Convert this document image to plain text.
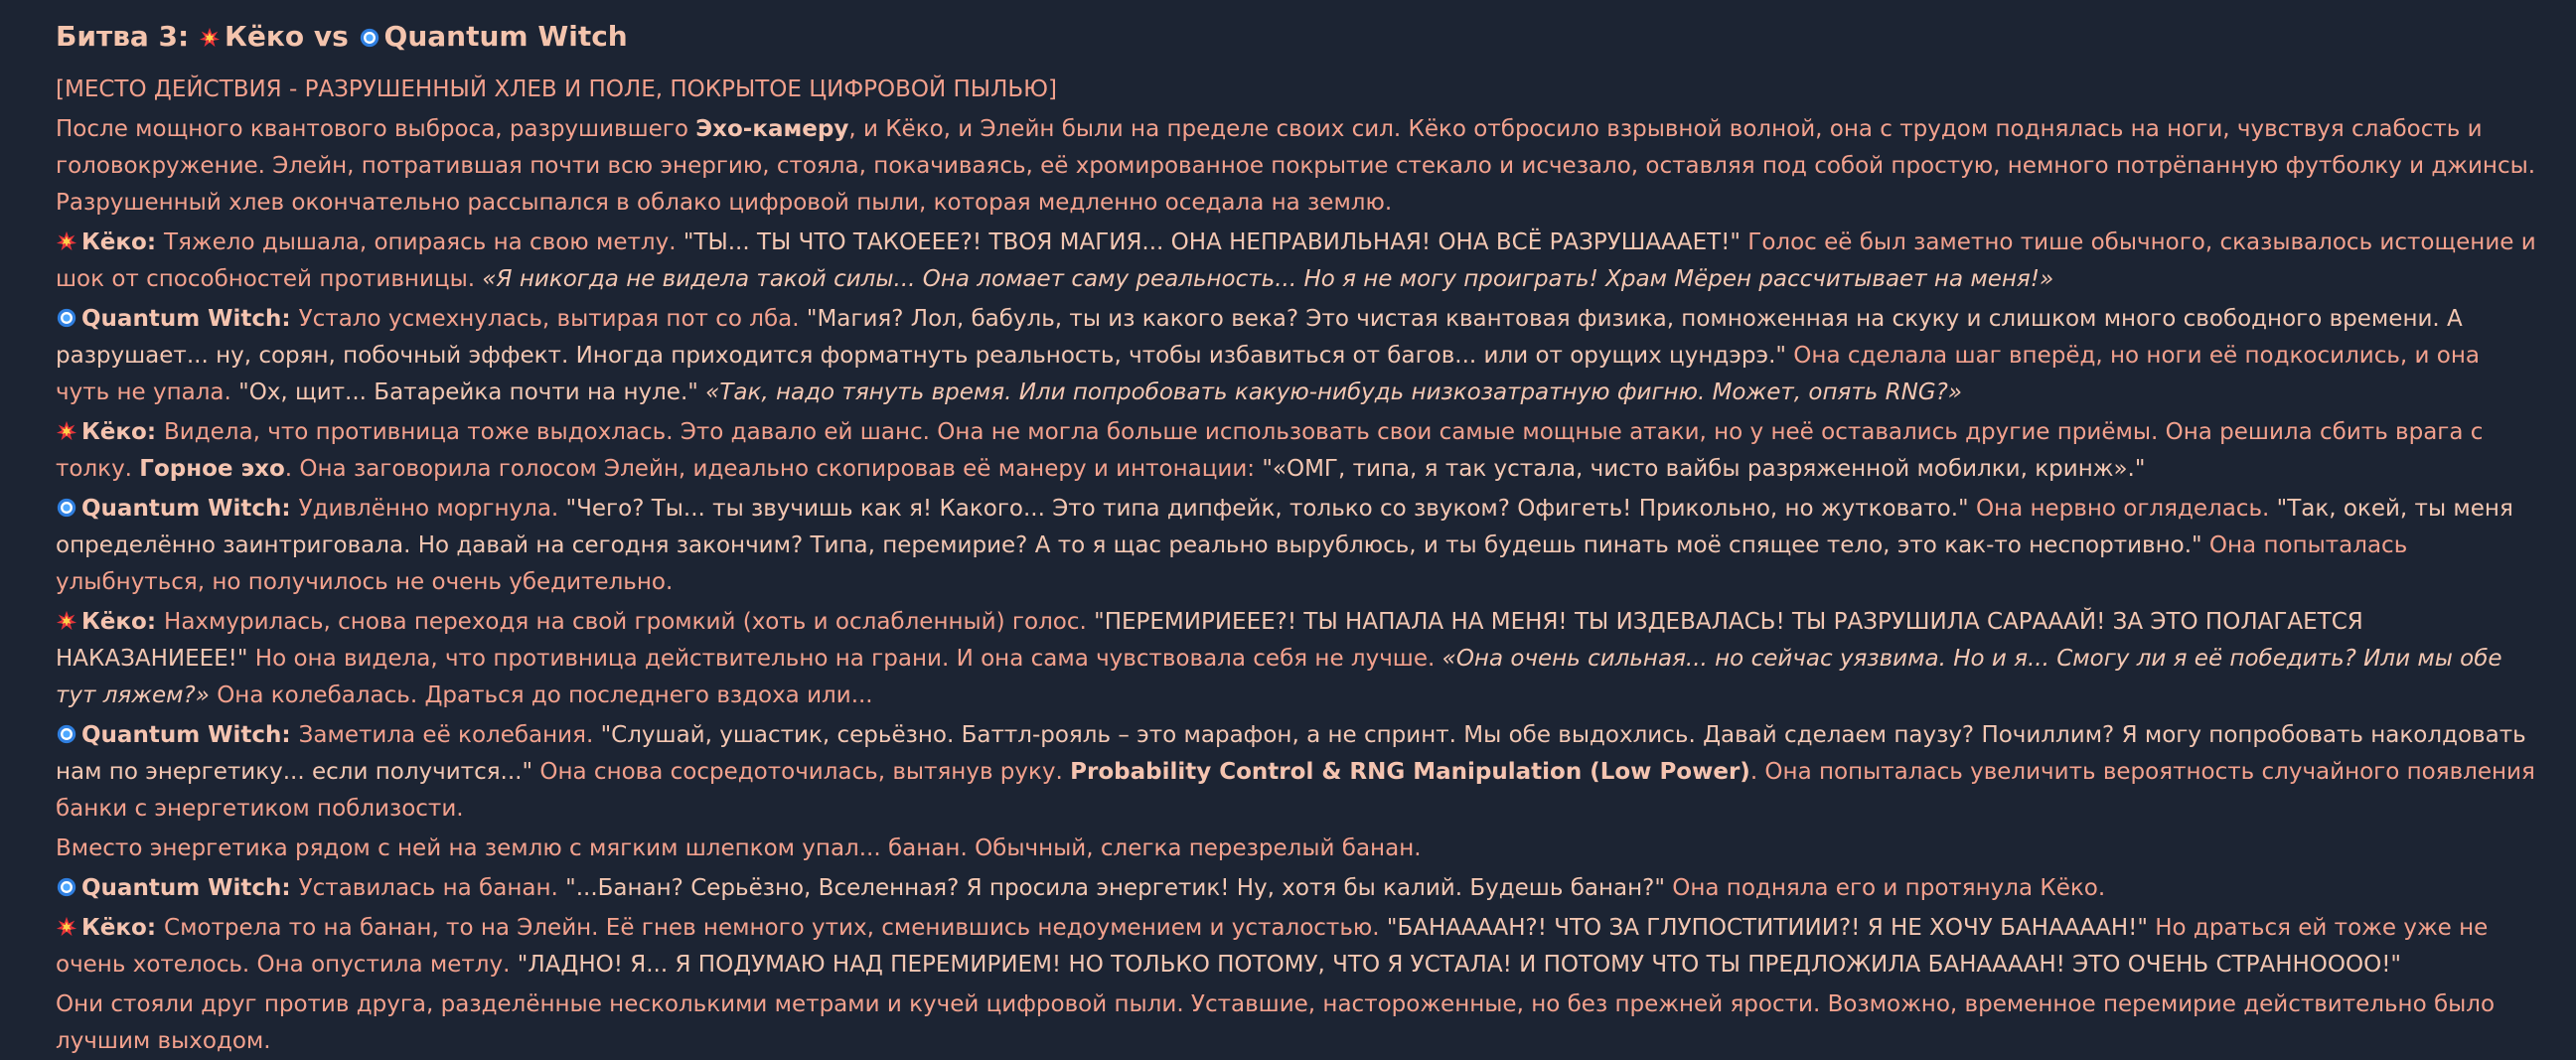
Битва 3:
Кёко vs
Quantum Witch

[МЕСТО ДЕЙСТВИЯ - РАЗРУШЕННЫЙ ХЛЕВ И ПОЛЕ, ПОКРЫТОЕ ЦИФРОВОЙ ПЫЛЬЮ]

После мощного квантового выброса, разрушившего Эхо-камеру, и Кёко, и Элейн были на пределе своих сил. Кёко отбросило взрывной волной, она с трудом поднялась на ноги, чувствуя слабость и головокружение. Элейн, потратившая почти всю энергию, стояла, покачиваясь, её хромированное покрытие стекало и исчезало, оставляя под собой простую, немного потрёпанную футболку и джинсы. Разрушенный хлев окончательно рассыпался в облако цифровой пыли, которая медленно оседала на землю.

Кёко: Тяжело дышала, опираясь на свою метлу. "ТЫ... ТЫ ЧТО ТАКОЕЕЕ?! ТВОЯ МАГИЯ... ОНА НЕПРАВИЛЬНАЯ! ОНА ВСЁ РАЗРУШАААЕТ!" Голос её был заметно тише обычного, сказывалось истощение и шок от способностей противницы. «Я никогда не видела такой силы... Она ломает саму реальность... Но я не могу проиграть! Храм Мёрен рассчитывает на меня!»

Quantum Witch: Устало усмехнулась, вытирая пот со лба. "Магия? Лол, бабуль, ты из какого века? Это чистая квантовая физика, помноженная на скуку и слишком много свободного времени. А разрушает... ну, сорян, побочный эффект. Иногда приходится форматнуть реальность, чтобы избавиться от багов... или от орущих цундэрэ." Она сделала шаг вперёд, но ноги её подкосились, и она чуть не упала. "Ох, щит... Батарейка почти на нуле." «Так, надо тянуть время. Или попробовать какую-нибудь низкозатратную фигню. Может, опять RNG?»

Кёко: Видела, что противница тоже выдохлась. Это давало ей шанс. Она не могла больше использовать свои самые мощные атаки, но у неё оставались другие приёмы. Она решила сбить врага с толку. Горное эхо. Она заговорила голосом Элейн, идеально скопировав её манеру и интонации: "«ОМГ, типа, я так устала, чисто вайбы разряженной мобилки, кринж»."

Quantum Witch: Удивлённо моргнула. "Чего? Ты... ты звучишь как я! Какого... Это типа дипфейк, только со звуком? Офигеть! Прикольно, но жутковато." Она нервно огляделась. "Так, окей, ты меня определённо заинтриговала. Но давай на сегодня закончим? Типа, перемирие? А то я щас реально вырублюсь, и ты будешь пинать моё спящее тело, это как-то неспортивно." Она попыталась улыбнуться, но получилось не очень убедительно.

Кёко: Нахмурилась, снова переходя на свой громкий (хоть и ослабленный) голос. "ПЕРЕМИРИЕЕЕ?! ТЫ НАПАЛА НА МЕНЯ! ТЫ ИЗДЕВАЛАСЬ! ТЫ РАЗРУШИЛА САРАААЙ! ЗА ЭТО ПОЛАГАЕТСЯ НАКАЗАНИЕЕЕ!" Но она видела, что противница действительно на грани. И она сама чувствовала себя не лучше. «Она очень сильная... но сейчас уязвима. Но и я... Смогу ли я её победить? Или мы обе тут ляжем?» Она колебалась. Драться до последнего вздоха или...

Quantum Witch: Заметила её колебания. "Слушай, ушастик, серьёзно. Баттл-рояль – это марафон, а не спринт. Мы обе выдохлись. Давай сделаем паузу? Почиллим? Я могу попробовать наколдовать нам по энергетику... если получится..." Она снова сосредоточилась, вытянув руку. Probability Control & RNG Manipulation (Low Power). Она попыталась увеличить вероятность случайного появления банки с энергетиком поблизости.

Вместо энергетика рядом с ней на землю с мягким шлепком упал... банан. Обычный, слегка перезрелый банан.

Quantum Witch: Уставилась на банан. "...Банан? Серьёзно, Вселенная? Я просила энергетик! Ну, хотя бы калий. Будешь банан?" Она подняла его и протянула Кёко.

Кёко: Смотрела то на банан, то на Элейн. Её гнев немного утих, сменившись недоумением и усталостью. "БАНААААН?! ЧТО ЗА ГЛУПОСТИТИИИ?! Я НЕ ХОЧУ БАНААААН!" Но драться ей тоже уже не очень хотелось. Она опустила метлу. "ЛАДНО! Я... Я ПОДУМАЮ НАД ПЕРЕМИРИЕМ! НО ТОЛЬКО ПОТОМУ, ЧТО Я УСТАЛА! И ПОТОМУ ЧТО ТЫ ПРЕДЛОЖИЛА БАНААААН! ЭТО ОЧЕНЬ СТРАННОООО!"

Они стояли друг против друга, разделённые несколькими метрами и кучей цифровой пыли. Уставшие, настороженные, но без прежней ярости. Возможно, временное перемирие действительно было лучшим выходом.
